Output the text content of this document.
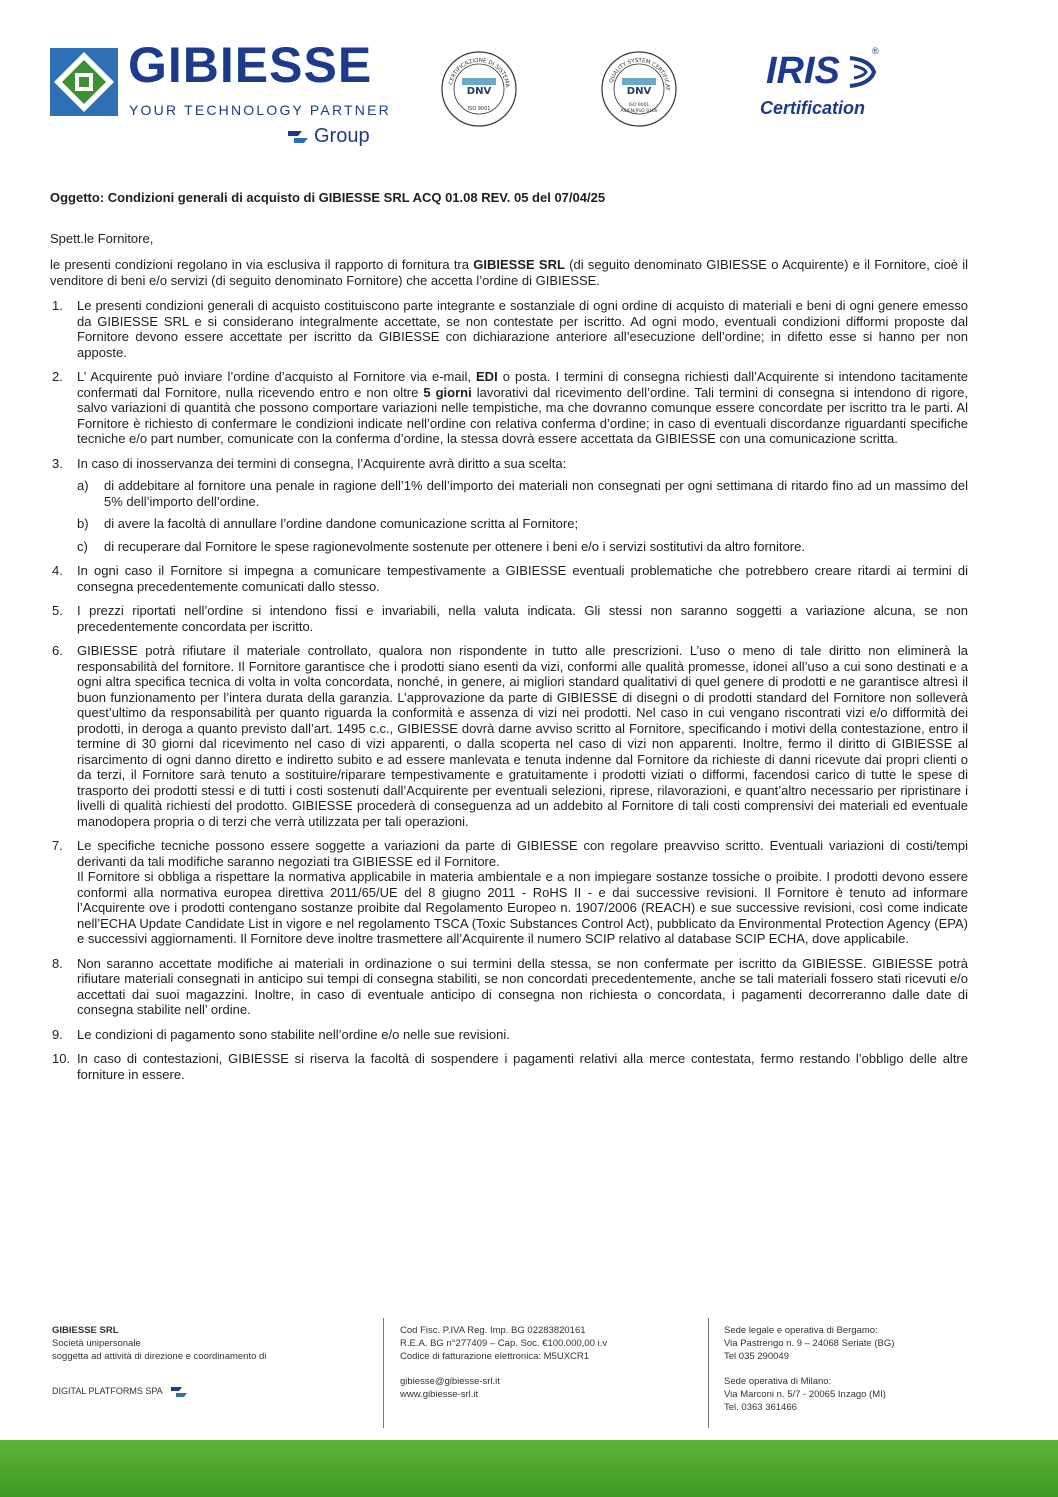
GIBIESSE
YOUR TECHNOLOGY PARTNER
Group
CERTIFICAZIONE DI SISTEMA
DNV
ISO 9001
QUALITY SYSTEM CERTIFICAT
DNV
ISO 9001
AS/EN/JISQ 9100
IRIS	®
Certification
Oggetto: Condizioni generali di acquisto di GIBIESSE SRL ACQ 01.08 REV. 05 del 07/04/25
Spett.le Fornitore,
le presenti condizioni regolano in via esclusiva il rapporto di fornitura tra GIBIESSE SRL (di seguito denominato GIBIESSE o Acquirente) e il Fornitore, cioè il venditore di beni e/o servizi (di seguito denominato Fornitore) che accetta l’ordine di GIBIESSE.
1. Le presenti condizioni generali di acquisto costituiscono parte integrante e sostanziale di ogni ordine di acquisto di materiali e beni di ogni genere emesso da GIBIESSE SRL e si considerano integralmente accettate, se non contestate per iscritto. Ad ogni modo, eventuali condizioni difformi proposte dal Fornitore devono essere accettate per iscritto da GIBIESSE con dichiarazione anteriore all’esecuzione dell’ordine; in difetto esse si hanno per non apposte.
2. L’ Acquirente può inviare l’ordine d’acquisto al Fornitore via e-mail, EDI o posta. I termini di consegna richiesti dall’Acquirente si intendono tacitamente confermati dal Fornitore, nulla ricevendo entro e non oltre 5 giorni lavorativi dal ricevimento dell’ordine. Tali termini di consegna si intendono di rigore, salvo variazioni di quantità che possono comportare variazioni nelle tempistiche, ma che dovranno comunque essere concordate per iscritto tra le parti. Al Fornitore è richiesto di confermare le condizioni indicate nell’ordine con relativa conferma d’ordine; in caso di eventuali discordanze riguardanti specifiche tecniche e/o part number, comunicate con la conferma d’ordine, la stessa dovrà essere accettata da GIBIESSE con una comunicazione scritta.
3. In caso di inosservanza dei termini di consegna, l’Acquirente avrà diritto a sua scelta:
a) di addebitare al fornitore una penale in ragione dell’1% dell’importo dei materiali non consegnati per ogni settimana di ritardo fino ad un massimo del 5% dell’importo dell’ordine.
b) di avere la facoltà di annullare l’ordine dandone comunicazione scritta al Fornitore;
c) di recuperare dal Fornitore le spese ragionevolmente sostenute per ottenere i beni e/o i servizi sostitutivi da altro fornitore.
4. In ogni caso il Fornitore si impegna a comunicare tempestivamente a GIBIESSE eventuali problematiche che potrebbero creare ritardi ai termini di consegna precedentemente comunicati dallo stesso.
5. I prezzi riportati nell’ordine si intendono fissi e invariabili, nella valuta indicata. Gli stessi non saranno soggetti a variazione alcuna, se non precedentemente concordata per iscritto.
6. GIBIESSE potrà rifiutare il materiale controllato, qualora non rispondente in tutto alle prescrizioni. L’uso o meno di tale diritto non eliminerà la responsabilità del fornitore. Il Fornitore garantisce che i prodotti siano esenti da vizi, conformi alle qualità promesse, idonei all’uso a cui sono destinati e a ogni altra specifica tecnica di volta in volta concordata, nonché, in genere, ai migliori standard qualitativi di quel genere di prodotti e ne garantisce altresì il buon funzionamento per l’intera durata della garanzia. L’approvazione da parte di GIBIESSE di disegni o di prodotti standard del Fornitore non solleverà quest’ultimo da responsabilità per quanto riguarda la conformità e assenza di vizi nei prodotti. Nel caso in cui vengano riscontrati vizi e/o difformità dei prodotti, in deroga a quanto previsto dall’art. 1495 c.c., GIBIESSE dovrà darne avviso scritto al Fornitore, specificando i motivi della contestazione, entro il termine di 30 giorni dal ricevimento nel caso di vizi apparenti, o dalla scoperta nel caso di vizi non apparenti. Inoltre, fermo il diritto di GIBIESSE al risarcimento di ogni danno diretto e indiretto subito e ad essere manlevata e tenuta indenne dal Fornitore da richieste di danni ricevute dai propri clienti o da terzi, il Fornitore sarà tenuto a sostituire/riparare tempestivamente e gratuitamente i prodotti viziati o difformi, facendosi carico di tutte le spese di trasporto dei prodotti stessi e di tutti i costi sostenuti dall’Acquirente per eventuali selezioni, riprese, rilavorazioni, e quant’altro necessario per ripristinare i livelli di qualità richiesti del prodotto. GIBIESSE procederà di conseguenza ad un addebito al Fornitore di tali costi comprensivi dei materiali ed eventuale manodopera propria o di terzi che verrà utilizzata per tali operazioni.
7. Le specifiche tecniche possono essere soggette a variazioni da parte di GIBIESSE con regolare preavviso scritto. Eventuali variazioni di costi/tempi derivanti da tali modifiche saranno negoziati tra GIBIESSE ed il Fornitore.
Il Fornitore si obbliga a rispettare la normativa applicabile in materia ambientale e a non impiegare sostanze tossiche o proibite. I prodotti devono essere conformi alla normativa europea direttiva 2011/65/UE del 8 giugno 2011 - RoHS II - e dai successive revisioni. Il Fornitore è tenuto ad informare l’Acquirente ove i prodotti contengano sostanze proibite dal Regolamento Europeo n. 1907/2006 (REACH) e sue successive revisioni, così come indicate nell’ECHA Update Candidate List in vigore e nel regolamento TSCA (Toxic Substances Control Act), pubblicato da Environmental Protection Agency (EPA) e successivi aggiornamenti. Il Fornitore deve inoltre trasmettere all’Acquirente il numero SCIP relativo al database SCIP ECHA, dove applicabile.
8. Non saranno accettate modifiche ai materiali in ordinazione o sui termini della stessa, se non confermate per iscritto da GIBIESSE. GIBIESSE potrà rifiutare materiali consegnati in anticipo sui tempi di consegna stabiliti, se non concordati precedentemente, anche se tali materiali fossero stati ricevuti e/o accettati dai suoi magazzini. Inoltre, in caso di eventuale anticipo di consegna non richiesta o concordata, i pagamenti decorreranno dalle date di consegna stabilite nell’ ordine.
9. Le condizioni di pagamento sono stabilite nell’ordine e/o nelle sue revisioni.
10. In caso di contestazioni, GIBIESSE si riserva la facoltà di sospendere i pagamenti relativi alla merce contestata, fermo restando l’obbligo delle altre forniture in essere.
GIBIESSE SRL
Società unipersonale
soggetta ad attività di direzione e coordinamento di
DIGITAL PLATFORMS SPA
Cod Fisc. P.IVA Reg. Imp. BG 02283820161
R.E.A. BG n°277409 – Cap. Soc. €100.000,00 i.v
Codice di fatturazione elettronica: M5UXCR1
gibiesse@gibiesse-srl.it
www.gibiesse-srl.it
Sede legale e operativa di Bergamo:
Via Pastrengo n. 9 – 24068 Seriate (BG)
Tel 035 290049
Sede operativa di Milano:
Via Marconi n. 5/7 - 20065 Inzago (MI)
Tel. 0363 361466
